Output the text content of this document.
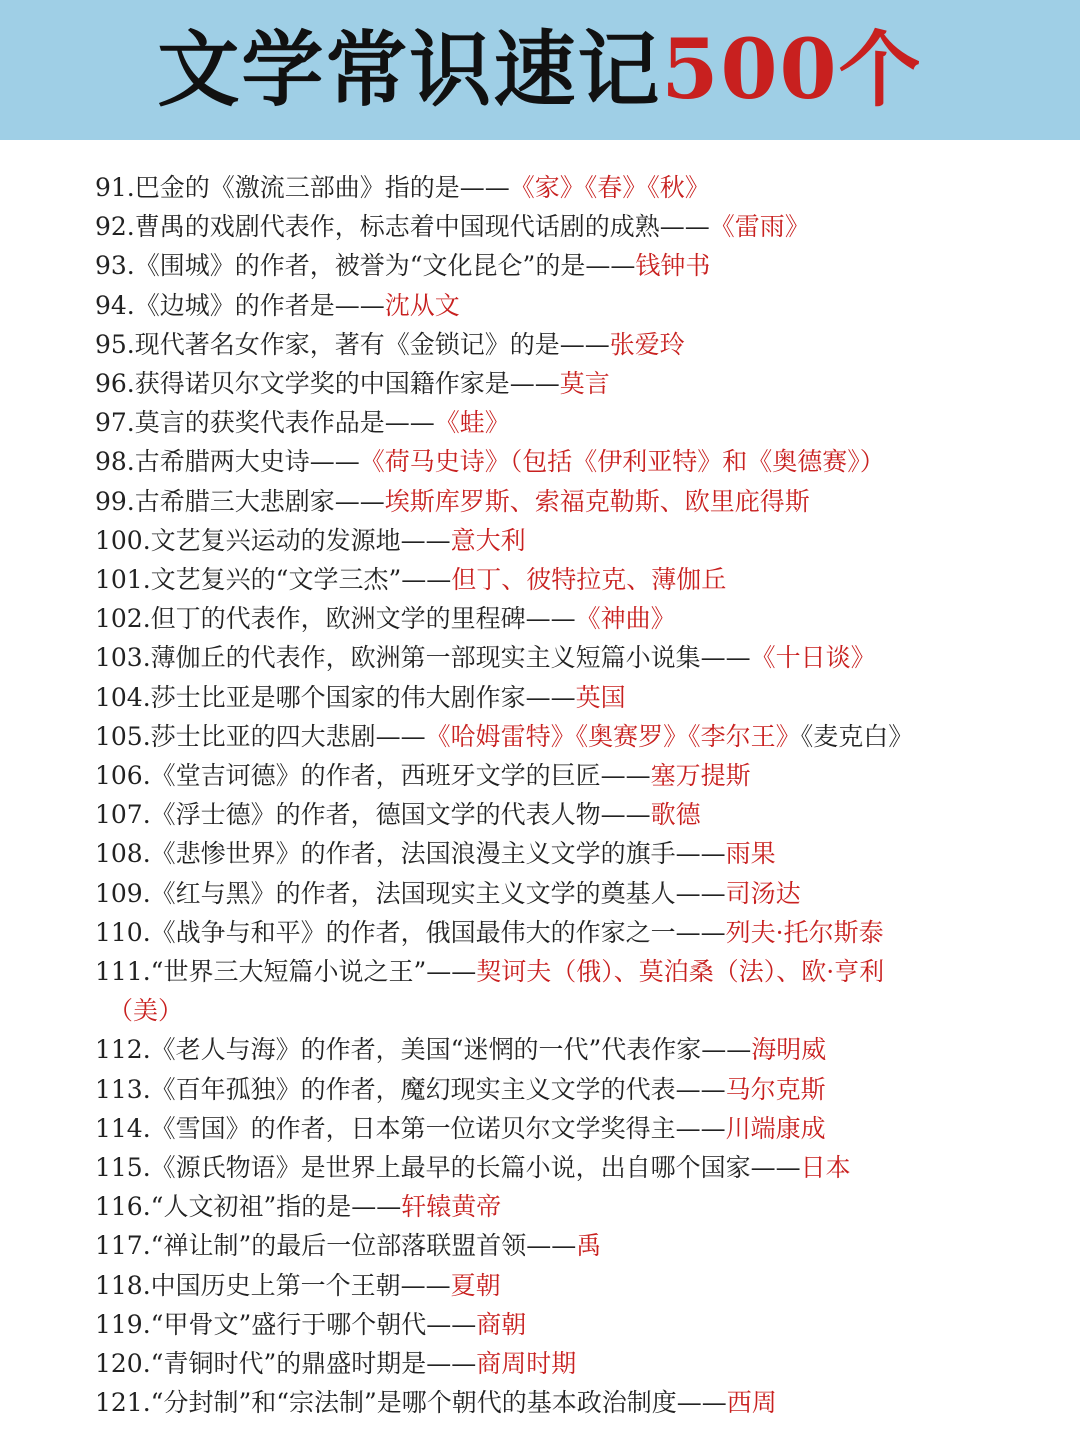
文学常识速记500个
91.巴金的《激流三部曲》指的是——《家》《春》《秋》
92.曹禺的戏剧代表作，标志着中国现代话剧的成熟——《雷雨》
93.《围城》的作者，被誉为“文化昆仑”的是——钱钟书
94.《边城》的作者是——沈从文
95.现代著名女作家，著有《金锁记》的是——张爱玲
96.获得诺贝尔文学奖的中国籍作家是——莫言
97.莫言的获奖代表作品是——《蛙》
98.古希腊两大史诗——《荷马史诗》（包括《伊利亚特》和《奥德赛》）
99.古希腊三大悲剧家——埃斯库罗斯、索福克勒斯、欧里庇得斯
100.文艺复兴运动的发源地——意大利
101.文艺复兴的“文学三杰”——但丁、彼特拉克、薄伽丘
102.但丁的代表作，欧洲文学的里程碑——《神曲》
103.薄伽丘的代表作，欧洲第一部现实主义短篇小说集——《十日谈》
104.莎士比亚是哪个国家的伟大剧作家——英国
105.莎士比亚的四大悲剧——《哈姆雷特》《奥赛罗》《李尔王》《麦克白》
106.《堂吉诃德》的作者，西班牙文学的巨匠——塞万提斯
107.《浮士德》的作者，德国文学的代表人物——歌德
108.《悲惨世界》的作者，法国浪漫主义文学的旗手——雨果
109.《红与黑》的作者，法国现实主义文学的奠基人——司汤达
110.《战争与和平》的作者，俄国最伟大的作家之一——列夫·托尔斯泰
111.“世界三大短篇小说之王”——契诃夫（俄）、莫泊桑（法）、欧·亨利
（美）
112.《老人与海》的作者，美国“迷惘的一代”代表作家——海明威
113.《百年孤独》的作者，魔幻现实主义文学的代表——马尔克斯
114.《雪国》的作者，日本第一位诺贝尔文学奖得主——川端康成
115.《源氏物语》是世界上最早的长篇小说，出自哪个国家——日本
116.“人文初祖”指的是——轩辕黄帝
117.“禅让制”的最后一位部落联盟首领——禹
118.中国历史上第一个王朝——夏朝
119.“甲骨文”盛行于哪个朝代——商朝
120.“青铜时代”的鼎盛时期是——商周时期
121.“分封制”和“宗法制”是哪个朝代的基本政治制度——西周
